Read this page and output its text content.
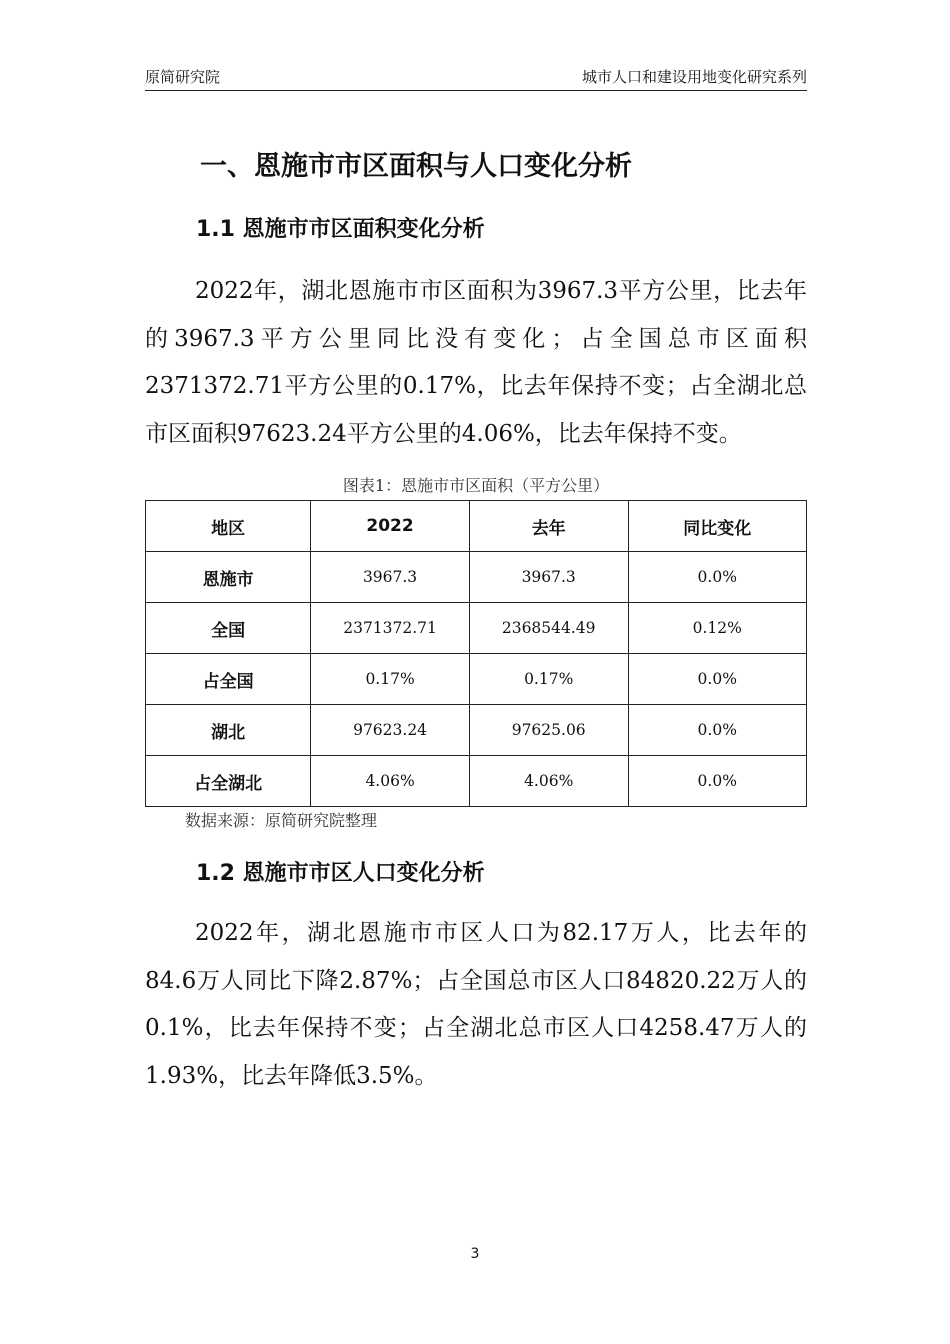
原简研究院	城市人口和建设用地变化研究系列
一、恩施市市区面积与人口变化分析
1.1 恩施市市区面积变化分析

2022年，湖北恩施市市区面积为3967.3平方公里，比去年的3967.3平方公里同比没有变化；占全国总市区面积2371372.71平方公里的0.17%，比去年保持不变；占全湖北总市区面积97623.24平方公里的4.06%，比去年保持不变。

图表1：恩施市市区面积（平方公里）
地区	2022	去年	同比变化
恩施市	3967.3	3967.3	0.0%
全国	2371372.71	2368544.49	0.12%
占全国	0.17%	0.17%	0.0%
湖北	97623.24	97625.06	0.0%
占全湖北	4.06%	4.06%	0.0%
数据来源：原简研究院整理
1.2 恩施市市区人口变化分析

2022年，湖北恩施市市区人口为82.17万人，比去年的84.6万人同比下降2.87%；占全国总市区人口84820.22万人的0.1%，比去年保持不变；占全湖北总市区人口4258.47万人的1.93%，比去年降低3.5%。

3
